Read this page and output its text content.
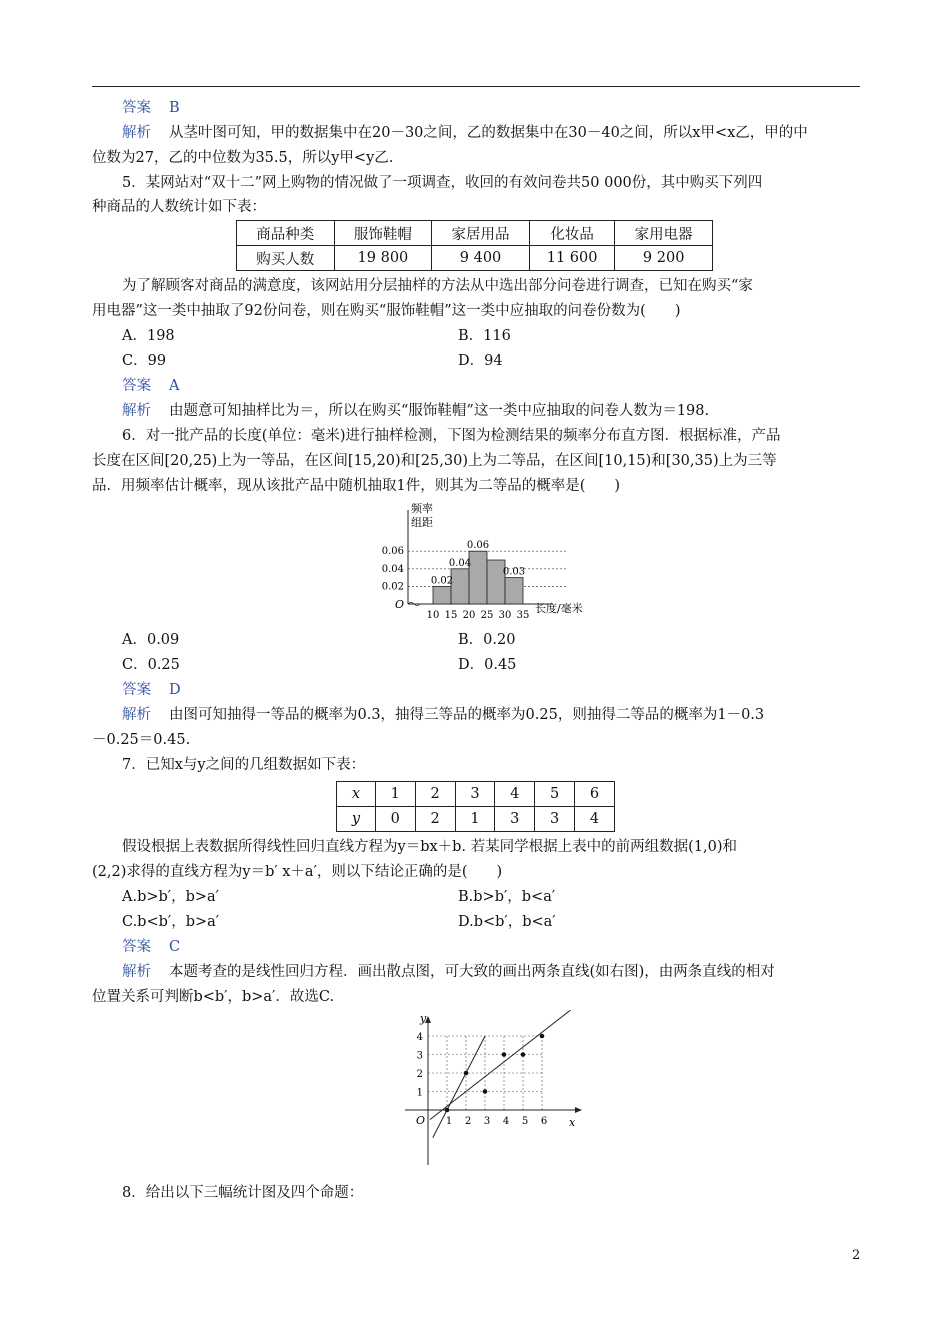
答案 B
解析 从茎叶图可知，甲的数据集中在20－30之间，乙的数据集中在30－40之间，所以x甲<x乙，甲的中
位数为27，乙的中位数为35.5，所以y甲<y乙.
5．某网站对“双十二”网上购物的情况做了一项调查，收回的有效问卷共50 000份，其中购买下列四
种商品的人数统计如下表：
商品种类	服饰鞋帽	家居用品	化妆品	家用电器
购买人数	19 800	9 400	11 600	9 200
为了解顾客对商品的满意度，该网站用分层抽样的方法从中选出部分问卷进行调查，已知在购买“家
用电器”这一类中抽取了92份问卷，则在购买“服饰鞋帽”这一类中应抽取的问卷份数为(　　)
A．198	B．116
C．99	D．94
答案 A
解析 由题意可知抽样比为＝，所以在购买“服饰鞋帽”这一类中应抽取的问卷人数为＝198.
6．对一批产品的长度(单位：毫米)进行抽样检测，下图为检测结果的频率分布直方图．根据标准，产品
长度在区间[20,25)上为一等品，在区间[15,20)和[25,30)上为二等品，在区间[10,15)和[30,35)上为三等
品．用频率估计概率，现从该批产品中随机抽取1件，则其为二等品的概率是(　　)
频率
组距
O	长度/毫米
0.02
0.04
0.06
10 15 20 25 30 35
0.02
0.04
0.06
0.03
A．0.09	B．0.20
C．0.25	D．0.45
答案 D
解析 由图可知抽得一等品的概率为0.3，抽得三等品的概率为0.25，则抽得二等品的概率为1－0.3
－0.25＝0.45.
7．已知x与y之间的几组数据如下表：
x	1	2	3	4	5	6
y	0	2	1	3	3	4
假设根据上表数据所得线性回归直线方程为y＝bx＋b. 若某同学根据上表中的前两组数据(1,0)和
(2,2)求得的直线方程为y＝b′ x＋a′，则以下结论正确的是(　　)
A.b>b′，b>a′	B.b>b′，b<a′
C.b<b′，b>a′	D.b<b′，b<a′
答案 C
解析 本题考查的是线性回归方程．画出散点图，可大致的画出两条直线(如右图)，由两条直线的相对
位置关系可判断b<b′，b>a′．故选C.
y
x
O 1 2 3 4 5 6
1
2
3
4
8．给出以下三幅统计图及四个命题：
2
